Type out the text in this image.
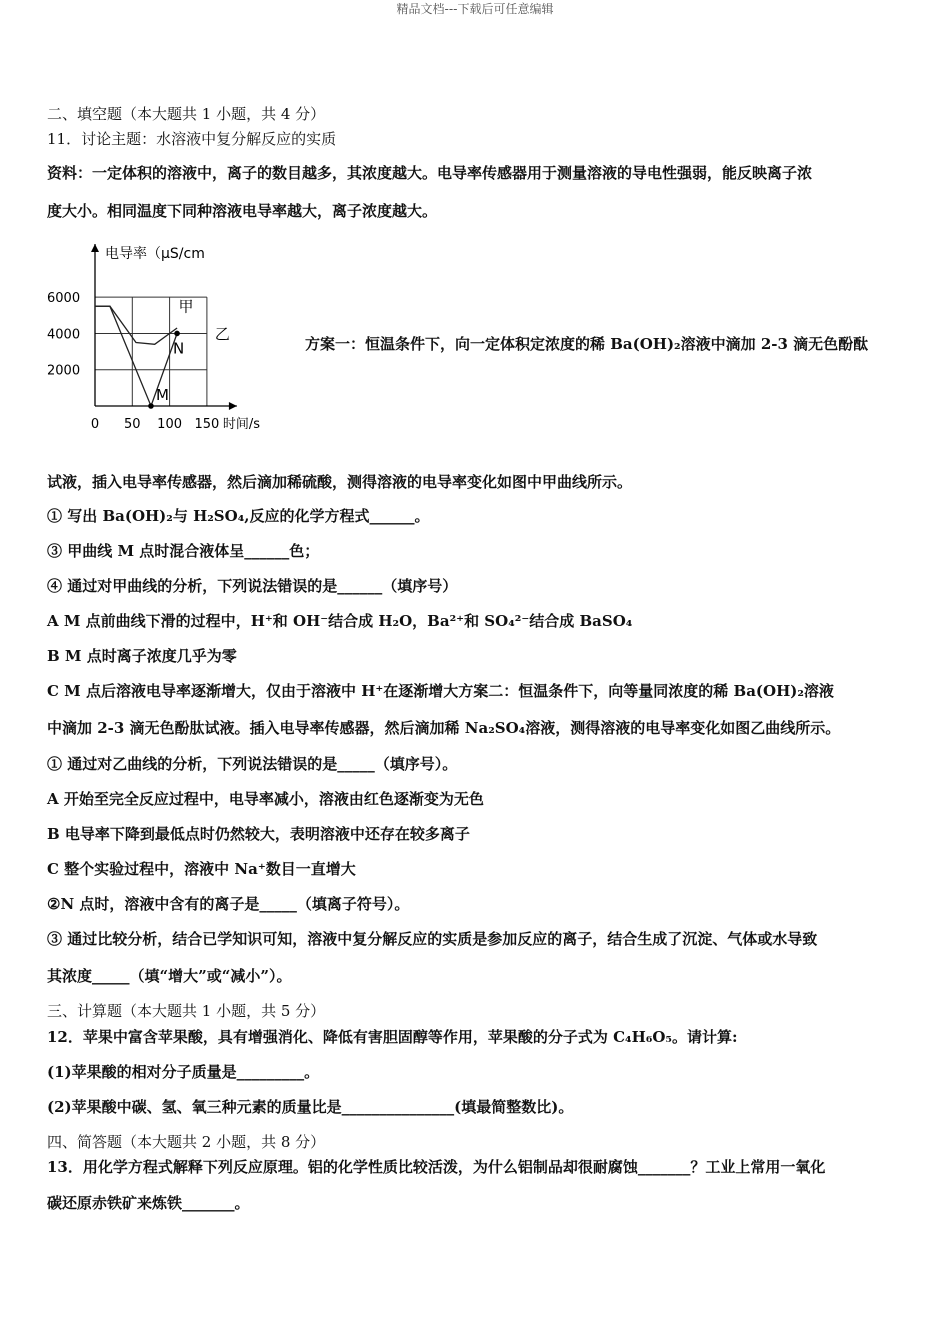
精品文档---下载后可任意编辑
二、填空题（本大题共 1 小题，共 4 分）
11．讨论主题：水溶液中复分解反应的实质
资料：一定体积的溶液中，离子的数目越多，其浓度越大。电导率传感器用于测量溶液的导电性强弱，能反映离子浓
度大小。相同温度下同种溶液电导率越大，离子浓度越大。
6000
4000
2000
0 50 100 150
电导率（μS/cm
时间/s
甲
乙
M
N	方案一：恒温条件下，向一定体积定浓度的稀 Ba(OH)₂溶液中滴加 2-3 滴无色酚酞
试液，插入电导率传感器，然后滴加稀硫酸，测得溶液的电导率变化如图中甲曲线所示。
① 写出 Ba(OH)₂与 H₂SO₄,反应的化学方程式______。
③ 甲曲线 M 点时混合液体呈______色；
④ 通过对甲曲线的分析，下列说法错误的是______（填序号）
A M 点前曲线下滑的过程中，H⁺和 OH⁻结合成 H₂O，Ba²⁺和 SO₄²⁻结合成 BaSO₄
B M 点时离子浓度几乎为零
C M 点后溶液电导率逐渐增大，仅由于溶液中 H⁺在逐渐增大方案二：恒温条件下，向等量同浓度的稀 Ba(OH)₂溶液
中滴加 2-3 滴无色酚肽试液。插入电导率传感器，然后滴加稀 Na₂SO₄溶液，测得溶液的电导率变化如图乙曲线所示。
① 通过对乙曲线的分析，下列说法错误的是_____（填序号）。
A 开始至完全反应过程中，电导率减小，溶液由红色逐渐变为无色
B 电导率下降到最低点时仍然较大，表明溶液中还存在较多离子
C 整个实验过程中，溶液中 Na⁺数目一直增大
②N 点时，溶液中含有的离子是_____（填离子符号）。
③ 通过比较分析，结合已学知识可知，溶液中复分解反应的实质是参加反应的离子，结合生成了沉淀、气体或水导致
其浓度_____（填“增大”或“减小”）。
三、计算题（本大题共 1 小题，共 5 分）
12．苹果中富含苹果酸，具有增强消化、降低有害胆固醇等作用，苹果酸的分子式为 C₄H₆O₅。请计算:
(1)苹果酸的相对分子质量是_________。
(2)苹果酸中碳、氢、氧三种元素的质量比是_______________(填最简整数比)。
四、简答题（本大题共 2 小题，共 8 分）
13．用化学方程式解释下列反应原理。铝的化学性质比较活泼，为什么铝制品却很耐腐蚀_______？工业上常用一氧化
碳还原赤铁矿来炼铁_______。
